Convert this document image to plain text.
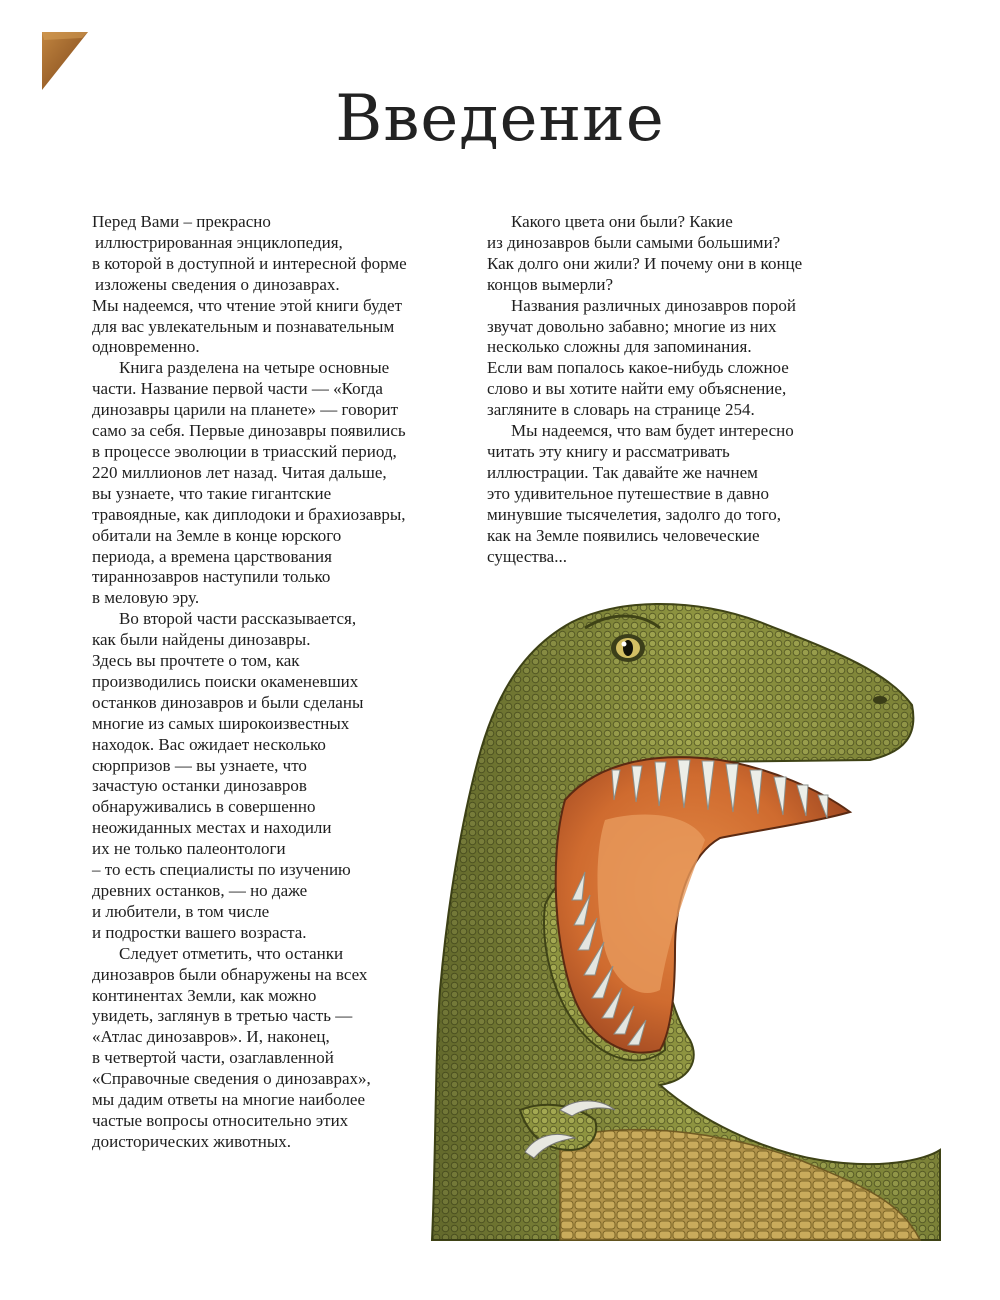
Введение
Перед Вами – прекрасно
иллюстрированная энциклопедия,
в которой в доступной и интересной форме
изложены сведения о динозаврах.
Мы надеемся, что чтение этой книги будет
для вас увлекательным и познавательным
одновременно.
Книга разделена на четыре основные
части. Название первой части — «Когда
динозавры царили на планете» — говорит
само за себя. Первые динозавры появились
в процессе эволюции в триасский период,
220 миллионов лет назад. Читая дальше,
вы узнаете, что такие гигантские
травоядные, как диплодоки и брахиозавры,
обитали на Земле в конце юрского
периода, а времена царствования
тираннозавров наступили только
в меловую эру.
Во второй части рассказывается,
как были найдены динозавры.
Здесь вы прочтете о том, как
производились поиски окаменевших
останков динозавров и были сделаны
многие из самых широкоизвестных
находок. Вас ожидает несколько
сюрпризов — вы узнаете, что
зачастую останки динозавров
обнаруживались в совершенно
неожиданных местах и находили
их не только палеонтологи
– то есть специалисты по изучению
древних останков, — но даже
и любители, в том числе
и подростки вашего возраста.
Следует отметить, что останки
динозавров были обнаружены на всех
континентах Земли, как можно
увидеть, заглянув в третью часть —
«Атлас динозавров». И, наконец,
в четвертой части, озаглавленной
«Справочные сведения о динозаврах»,
мы дадим ответы на многие наиболее
частые вопросы относительно этих
доисторических животных.
Какого цвета они были? Какие
из динозавров были самыми большими?
Как долго они жили? И почему они в конце
концов вымерли?
Названия различных динозавров порой
звучат довольно забавно; многие из них
несколько сложны для запоминания.
Если вам попалось какое-нибудь сложное
слово и вы хотите найти ему объяснение,
загляните в словарь на странице 254.
Мы надеемся, что вам будет интересно
читать эту книгу и рассматривать
иллюстрации. Так давайте же начнем
это удивительное путешествие в давно
минувшие тысячелетия, задолго до того,
как на Земле появились человеческие
существа...
